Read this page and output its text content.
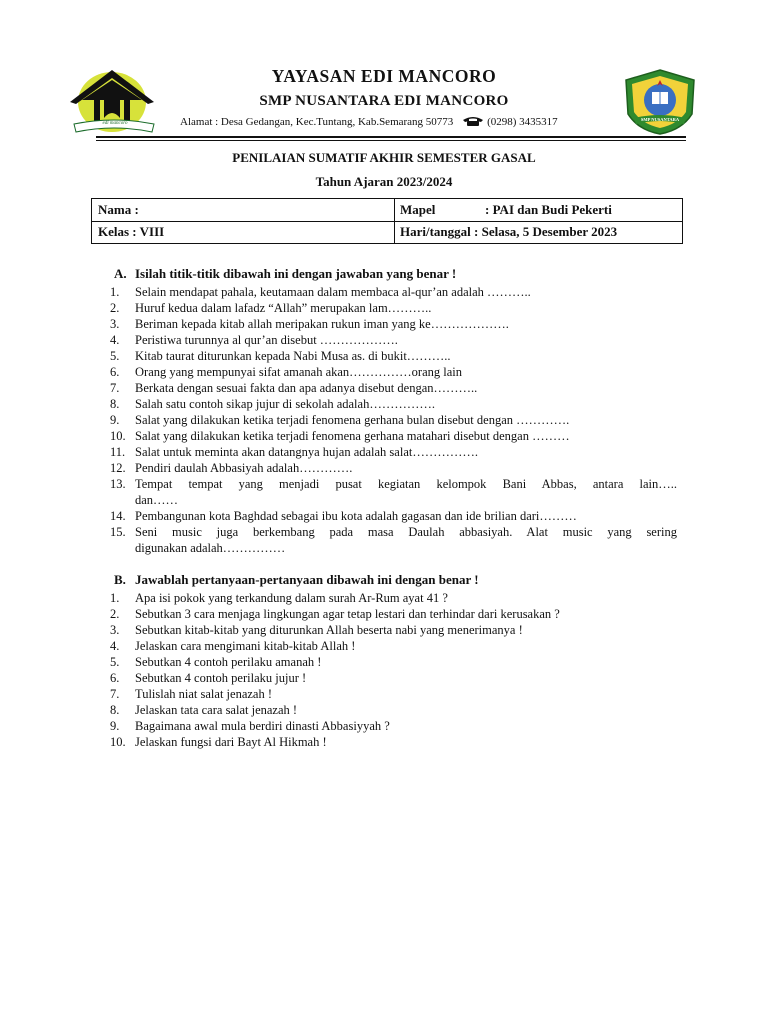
edi mancoro
SMP NUSANTARA
YAYASAN EDI MANCORO
SMP NUSANTARA EDI MANCORO
Alamat : Desa Gedangan, Kec.Tuntang, Kab.Semarang 50773	(0298) 3435317
PENILAIAN SUMATIF AKHIR SEMESTER GASAL
Tahun Ajaran 2023/2024
Nama :	Mapel	: PAI dan Budi Pekerti
Kelas : VIII	Hari/tanggal : Selasa, 5 Desember 2023
A. Isilah titik-titik dibawah ini dengan jawaban yang benar !
1.	Selain mendapat pahala, keutamaan dalam membaca al-qur’an adalah ………..
2.	Huruf kedua dalam lafadz “Allah” merupakan lam………..
3.	Beriman kepada kitab allah meripakan rukun iman yang ke……………….
4.	Peristiwa turunnya al qur’an disebut ……………….
5.	Kitab taurat diturunkan kepada Nabi Musa as. di bukit………..
6.	Orang yang mempunyai sifat amanah akan……………orang lain
7.	Berkata dengan sesuai fakta dan apa adanya disebut dengan………..
8.	Salah satu contoh sikap jujur di sekolah adalah…………….
9.	Salat yang dilakukan ketika terjadi fenomena gerhana bulan disebut dengan ………….
10. Salat yang dilakukan ketika terjadi fenomena gerhana matahari disebut dengan ………
11. Salat untuk meminta akan datangnya hujan adalah salat…………….
12. Pendiri daulah Abbasiyah adalah………….
13. Tempat tempat yang menjadi pusat kegiatan kelompok Bani Abbas, antara lain…..
dan……
14. Pembangunan kota Baghdad sebagai ibu kota adalah gagasan dan ide brilian dari………
15. Seni music juga berkembang pada masa Daulah abbasiyah. Alat music yang sering
digunakan adalah……………
B. Jawablah pertanyaan-pertanyaan dibawah ini dengan benar !
1.	Apa isi pokok yang terkandung dalam surah Ar-Rum ayat 41 ?
2.	Sebutkan 3 cara menjaga lingkungan agar tetap lestari dan terhindar dari kerusakan ?
3.	Sebutkan kitab-kitab yang diturunkan Allah beserta nabi yang menerimanya !
4.	Jelaskan cara mengimani kitab-kitab Allah !
5.	Sebutkan 4 contoh perilaku amanah !
6.	Sebutkan 4 contoh perilaku jujur !
7.	Tulislah niat salat jenazah !
8.	Jelaskan tata cara salat jenazah !
9.	Bagaimana awal mula berdiri dinasti Abbasiyyah ?
10. Jelaskan fungsi dari Bayt Al Hikmah !
